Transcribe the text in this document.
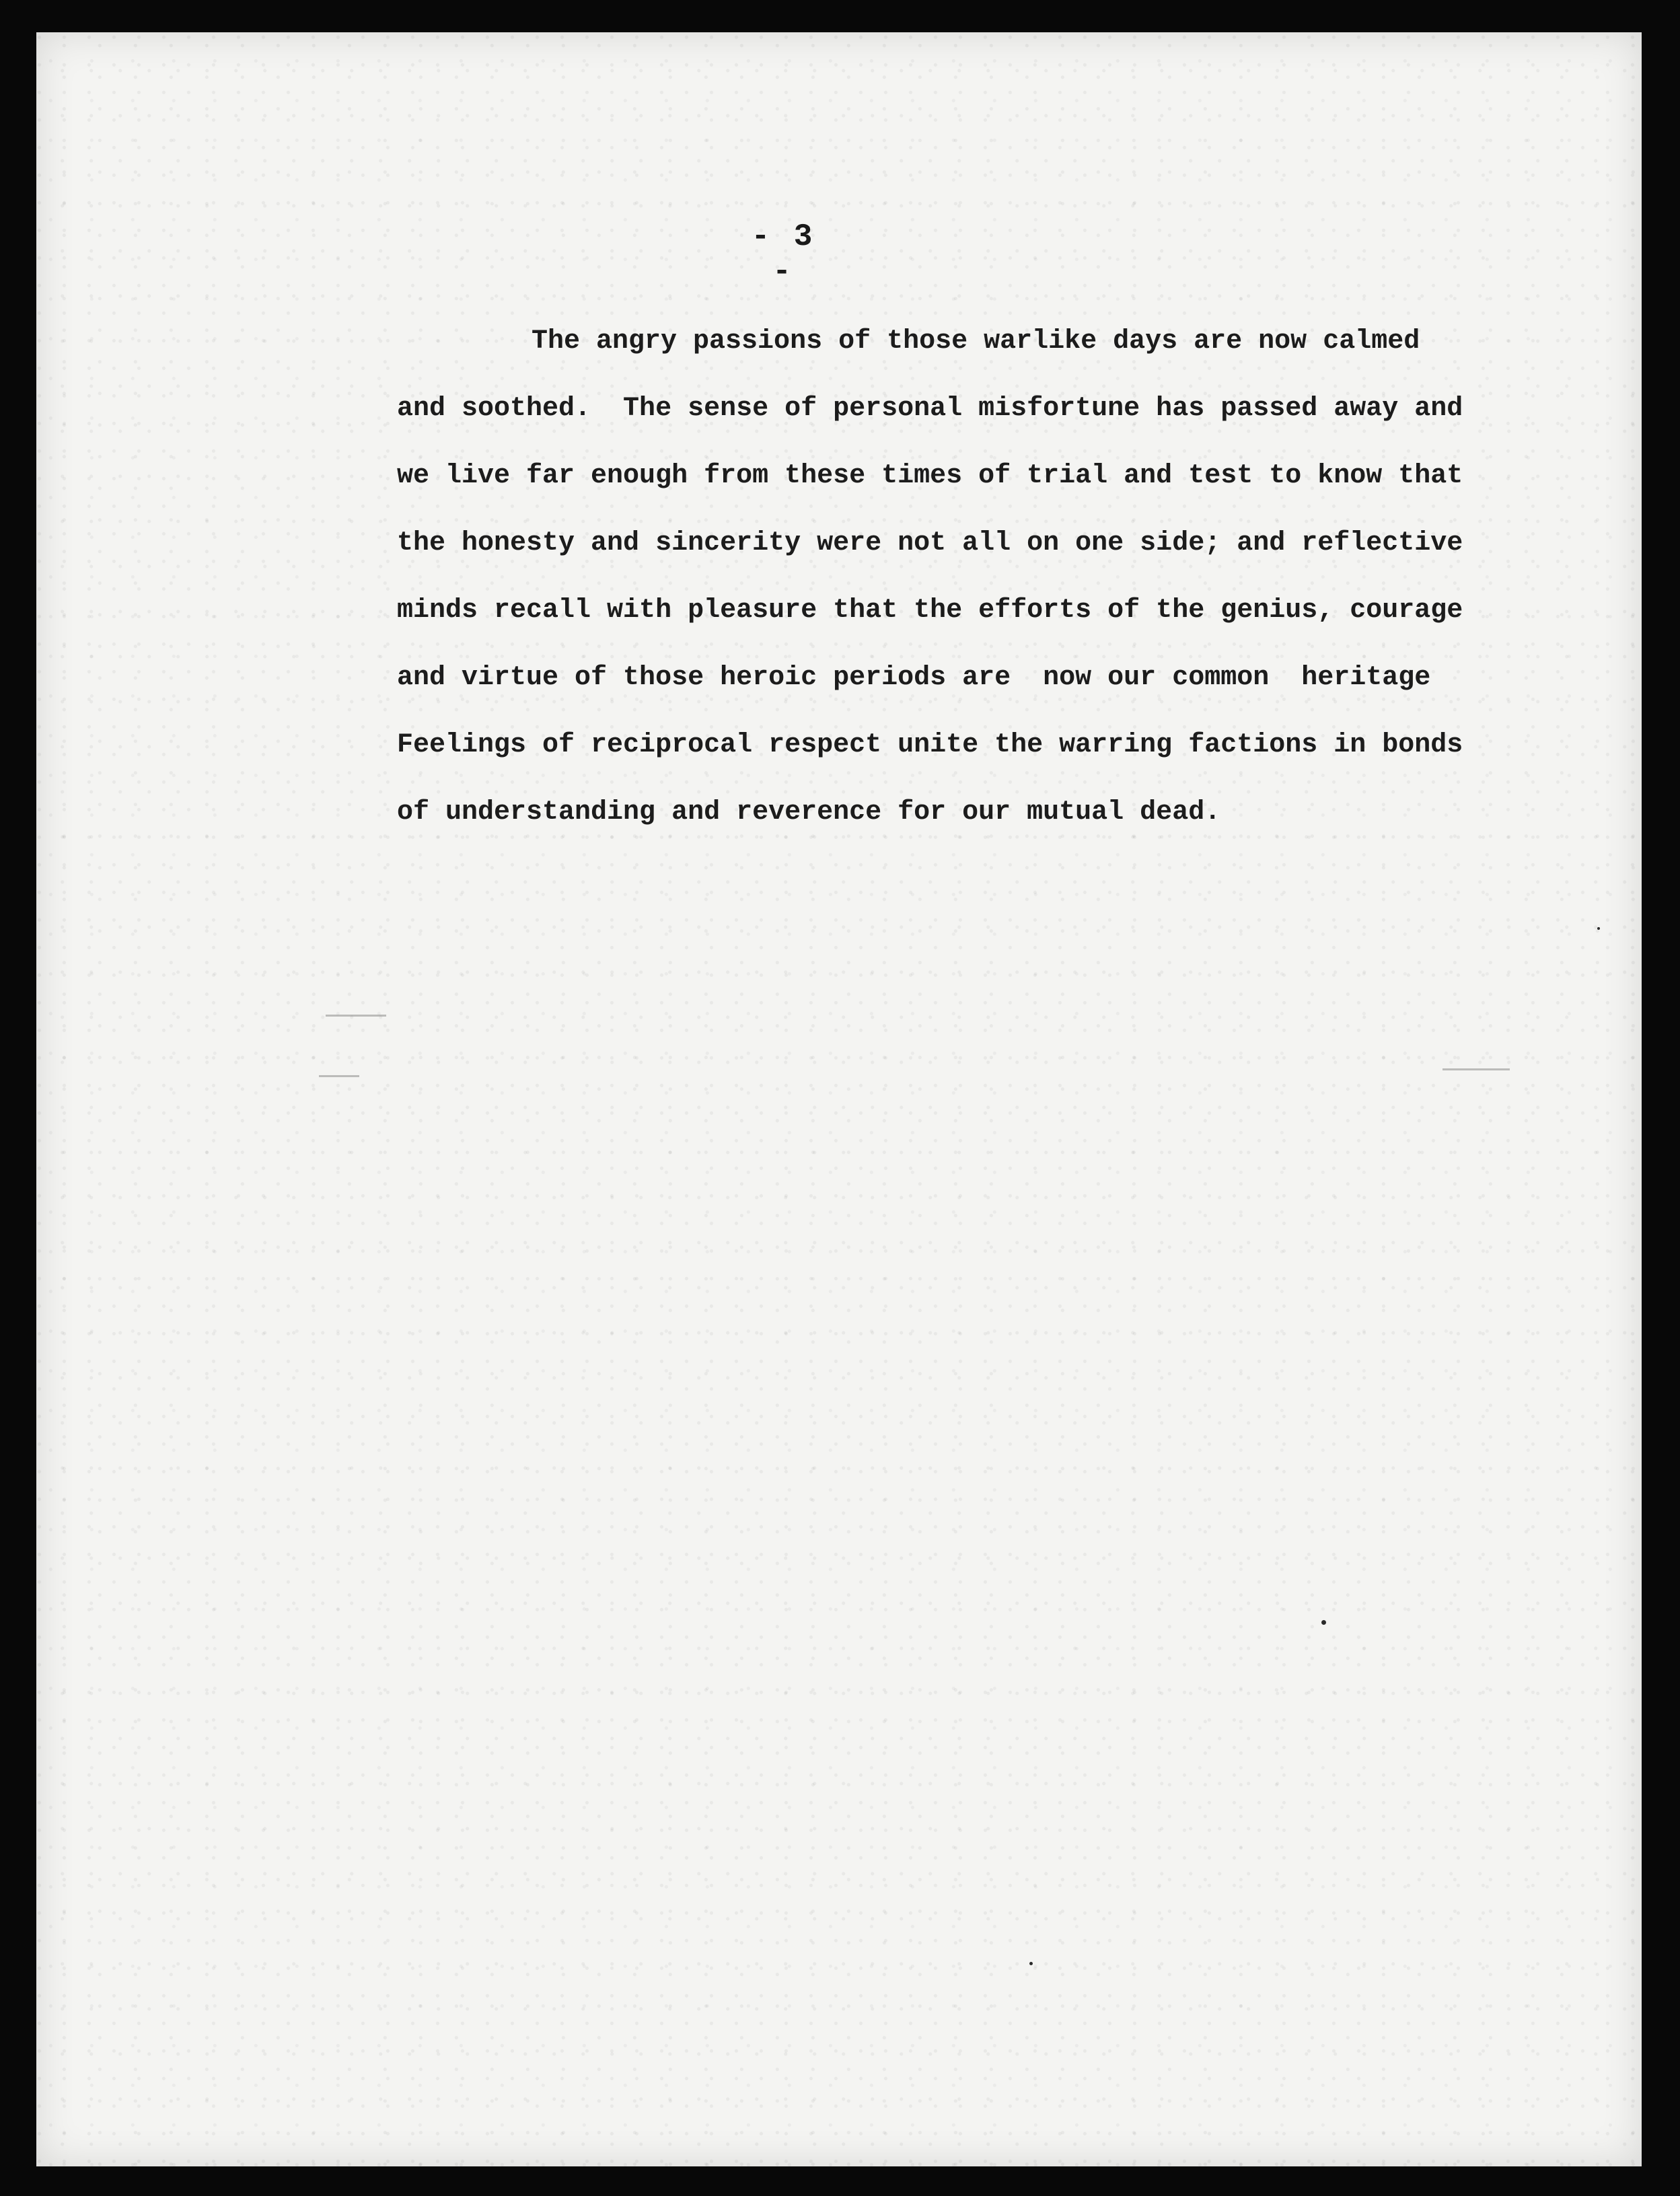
- 3 -
The angry passions of those warlike days are now calmed
and soothed.  The sense of personal misfortune has passed away and
we live far enough from these times of trial and test to know that
the honesty and sincerity were not all on one side; and reflective
minds recall with pleasure that the efforts of the genius, courage
and virtue of those heroic periods are  now our common  heritage
Feelings of reciprocal respect unite the warring factions in bonds
of understanding and reverence for our mutual dead.
